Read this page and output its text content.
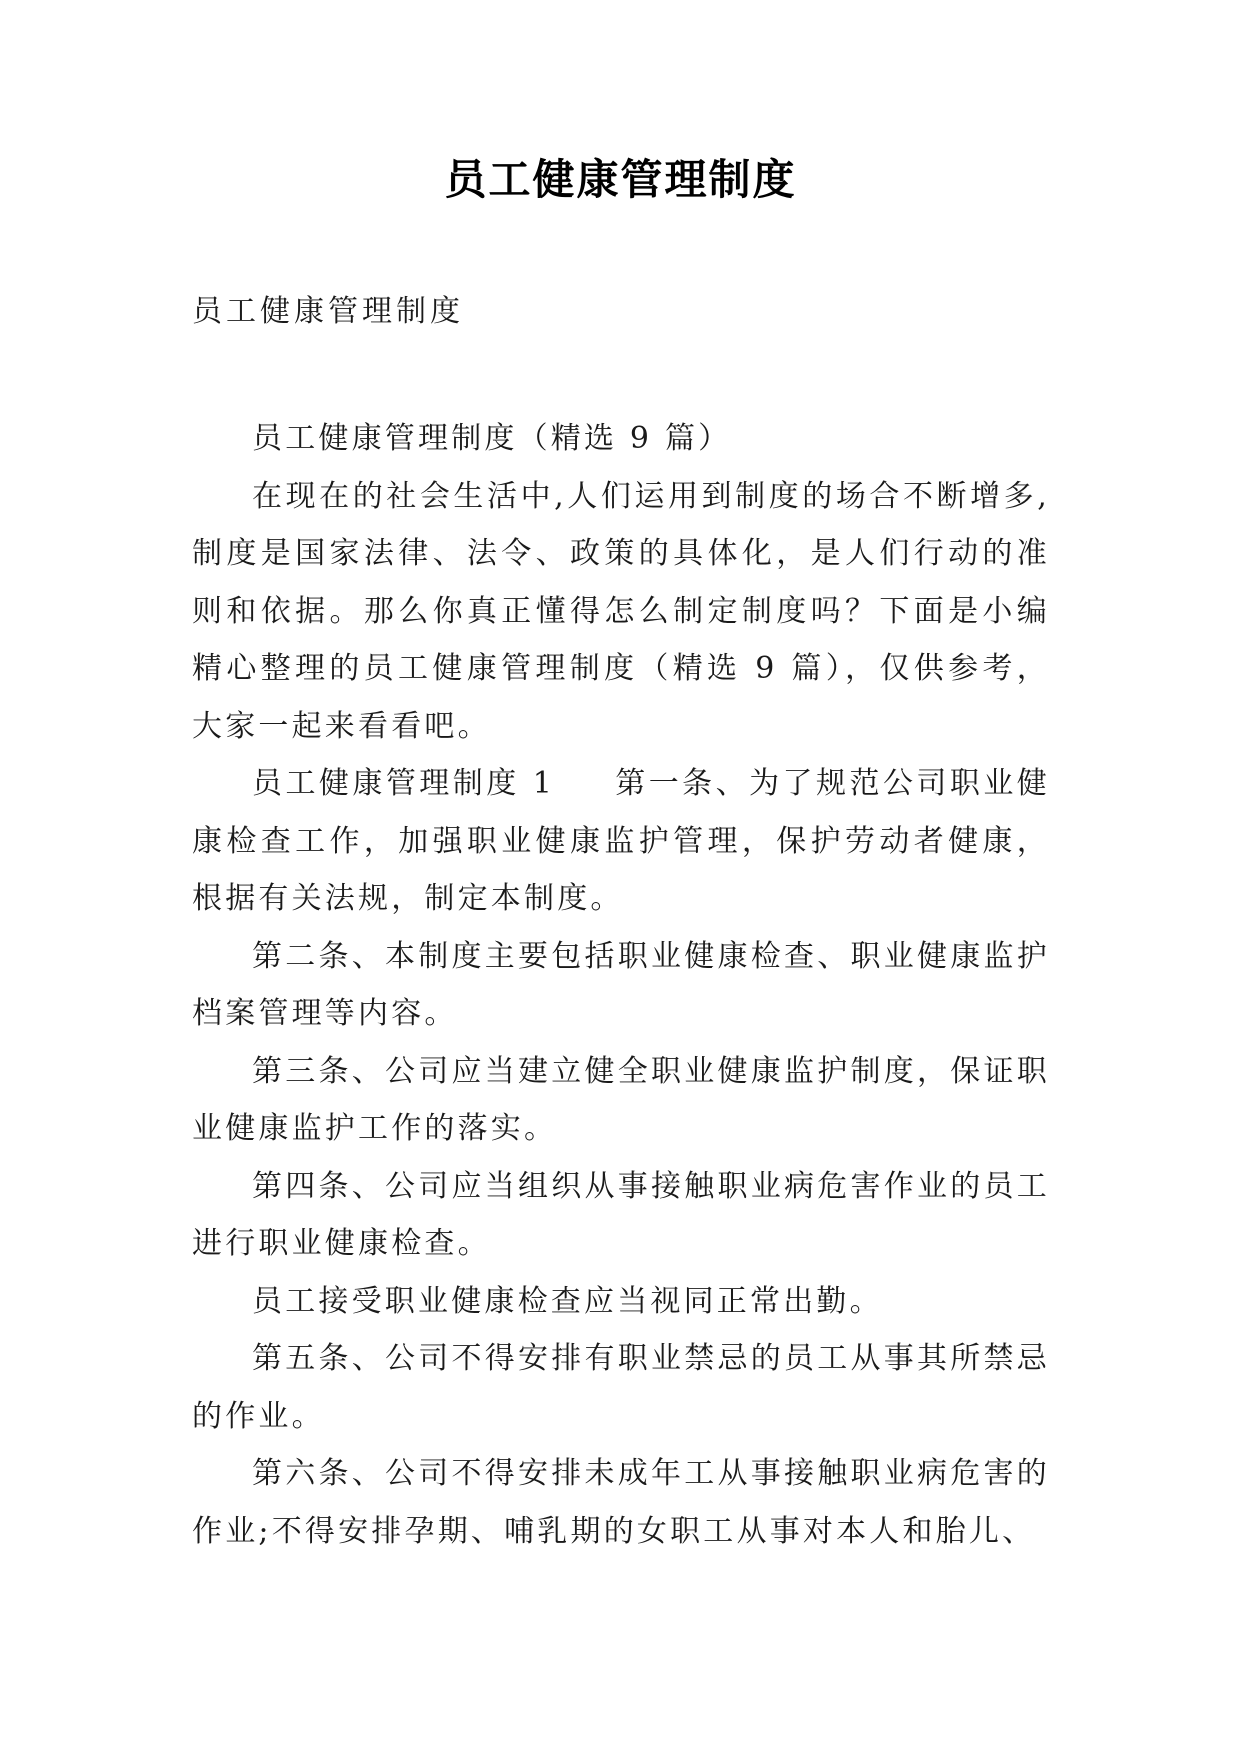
员工健康管理制度

员工健康管理制度

员工健康管理制度（精选 9 篇）

在现在的社会生活中,人们运用到制度的场合不断增多,制度是国家法律、法令、政策的具体化，是人们行动的准则和依据。那么你真正懂得怎么制定制度吗？下面是小编精心整理的员工健康管理制度（精选 9 篇），仅供参考，大家一起来看看吧。

员工健康管理制度 1 第一条、为了规范公司职业健康检查工作，加强职业健康监护管理，保护劳动者健康，根据有关法规，制定本制度。

第二条、本制度主要包括职业健康检查、职业健康监护档案管理等内容。

第三条、公司应当建立健全职业健康监护制度，保证职业健康监护工作的落实。

第四条、公司应当组织从事接触职业病危害作业的员工进行职业健康检查。

员工接受职业健康检查应当视同正常出勤。

第五条、公司不得安排有职业禁忌的员工从事其所禁忌的作业。

第六条、公司不得安排未成年工从事接触职业病危害的作业;不得安排孕期、哺乳期的女职工从事对本人和胎儿、
